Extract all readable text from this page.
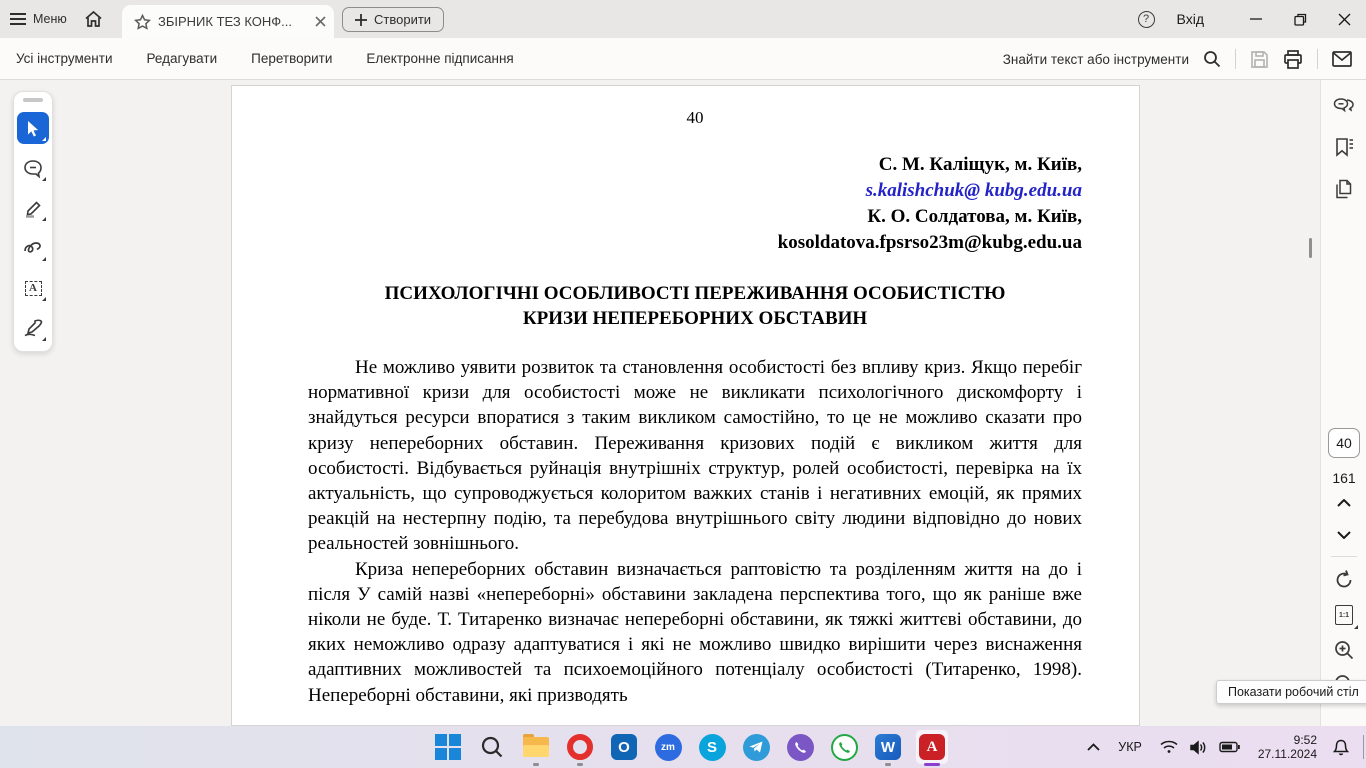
Меню	ЗБІРНИК ТЕЗ КОНФ...	Створити	?	Вхід
Усі інструменти	Редагувати	Перетворити	Електронне підписання	Знайти текст або інструменти
A
40
С. М. Каліщук, м. Київ,
s.kalishchuk@ kubg.edu.ua
К. О. Солдатова, м. Київ,
kosoldatova.fpsrso23m@kubg.edu.ua
ПСИХОЛОГІЧНІ ОСОБЛИВОСТІ ПЕРЕЖИВАННЯ ОСОБИСТІСТЮ
КРИЗИ НЕПЕРЕБОРНИХ ОБСТАВИН

Не можливо уявити розвиток та становлення особистості без впливу криз. Якщо перебіг нормативної кризи для особистості може не викликати психологічного дискомфорту і знайдуться ресурси впоратися з таким викликом самостійно, то це не можливо сказати про кризу непереборних обставин. Переживання кризових подій є викликом життя для особистості. Відбувається руйнація внутрішніх структур, ролей особистості, перевірка на їх актуальність, що супроводжується колоритом важких станів і негативних емоцій, як прямих реакцій на нестерпну подію, та перебудова внутрішнього світу людини відповідно до нових реальностей зовнішнього.

Криза непереборних обставин визначається раптовістю та розділенням життя на до і після У самій назві «непереборні» обставини закладена перспектива того, що як раніше вже ніколи не буде. Т. Титаренко визначає непереборні обставини, як тяжкі життєві обставини, до яких неможливо одразу адаптуватися і які не можливо швидко вирішити через виснаження адаптивних можливостей та психоемоційного потенціалу особистості (Титаренко, 1998). Непереборні обставини, які призводять

40
161
1:1
Показати робочий стіл
O	zm	S	W	A	УКР	9:52
27.11.2024
